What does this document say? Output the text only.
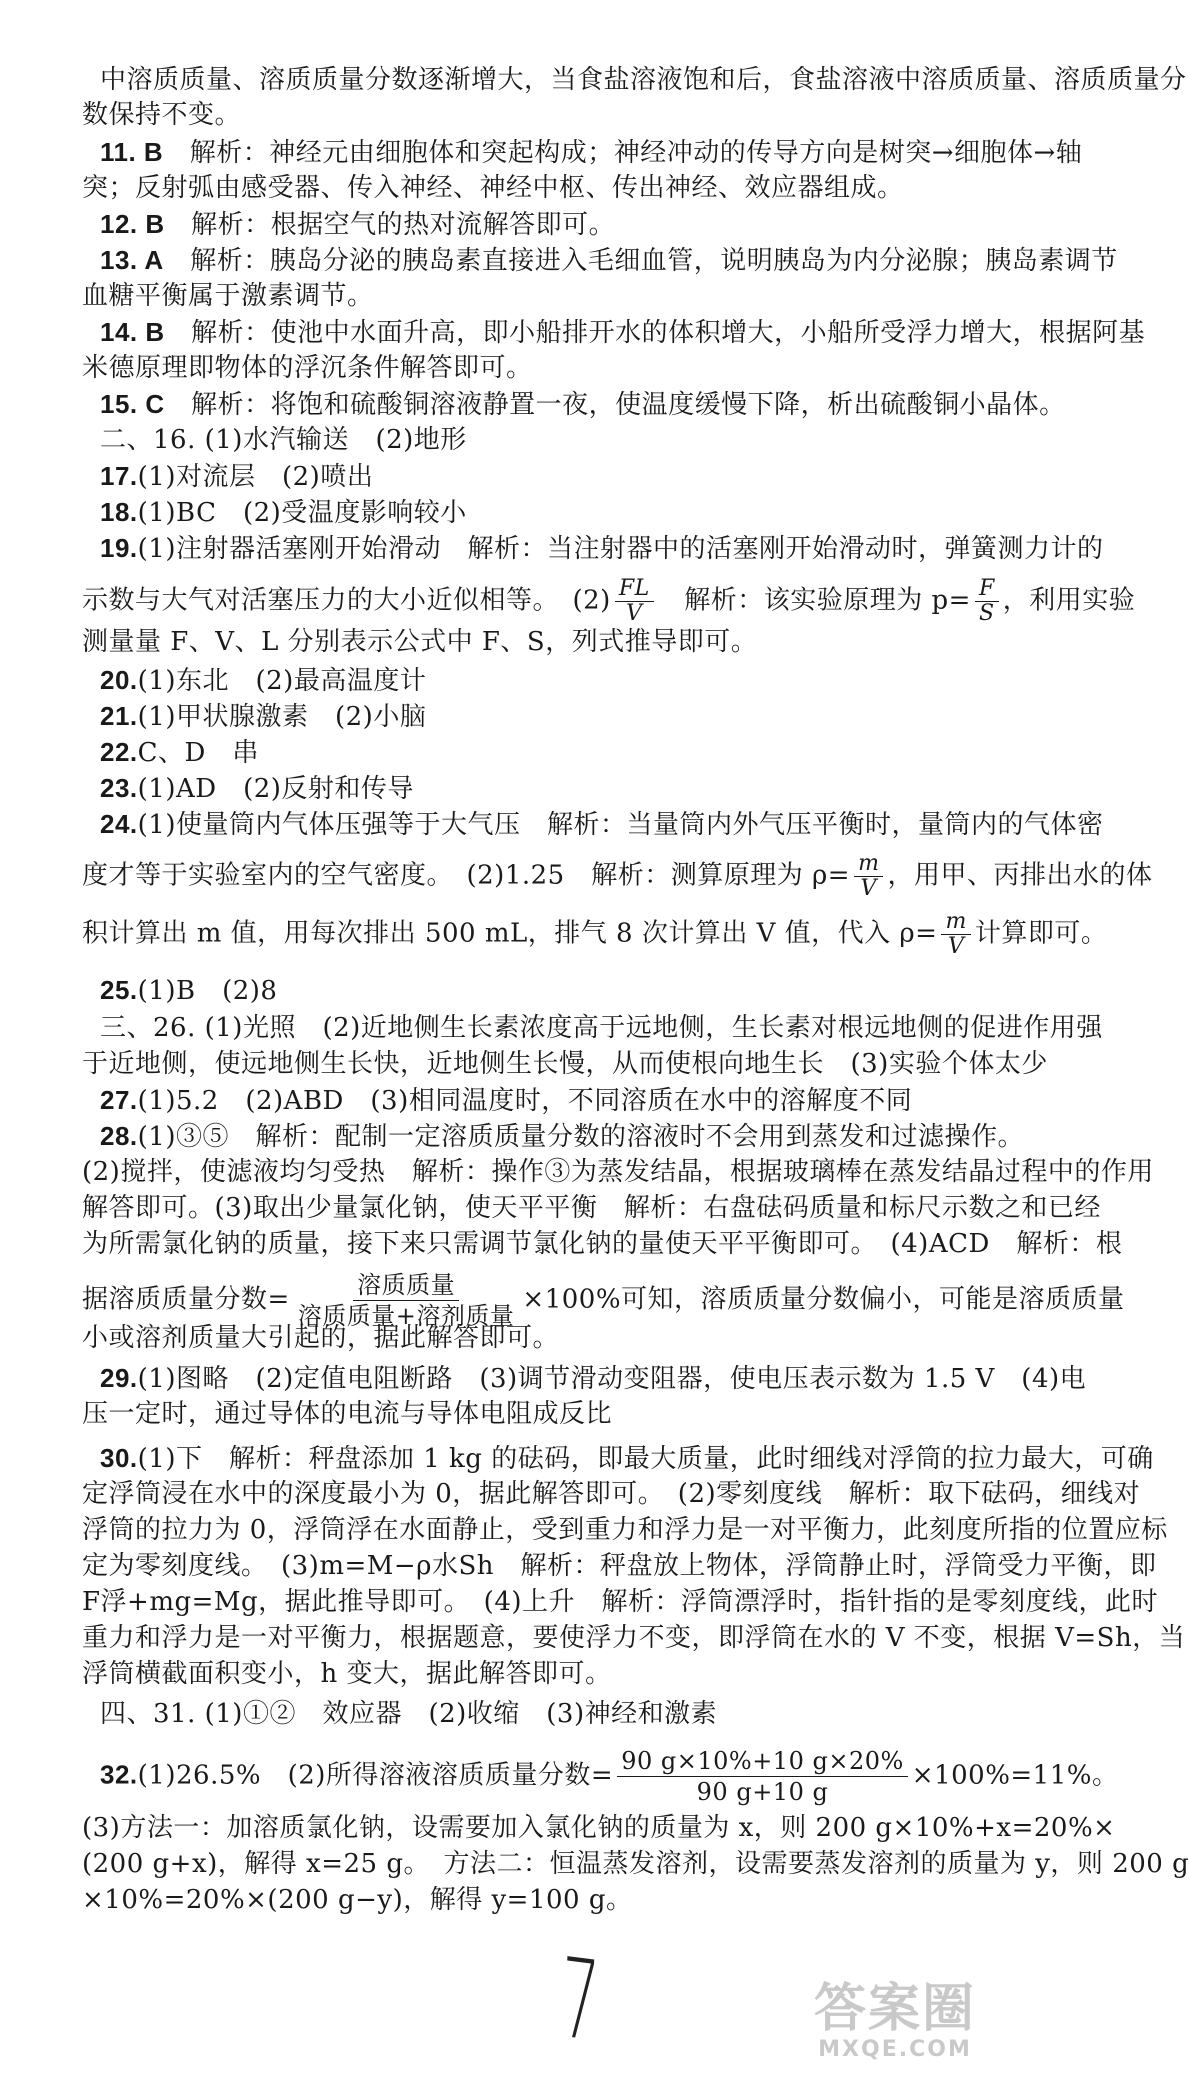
中溶质质量、溶质质量分数逐渐增大，当食盐溶液饱和后，食盐溶液中溶质质量、溶质质量分
数保持不变。
11. B　 解析：神经元由细胞体和突起构成；神经冲动的传导方向是树突→细胞体→轴
突；反射弧由感受器、传入神经、神经中枢、传出神经、效应器组成。
12. B　 解析：根据空气的热对流解答即可。
13. A　 解析：胰岛分泌的胰岛素直接进入毛细血管，说明胰岛为内分泌腺；胰岛素调节
血糖平衡属于激素调节。
14. B　 解析：使池中水面升高，即小船排开水的体积增大，小船所受浮力增大，根据阿基
米德原理即物体的浮沉条件解答即可。
15. C　 解析：将饱和硫酸铜溶液静置一夜，使温度缓慢下降，析出硫酸铜小晶体。
二、16. (1)水汽输送　(2)地形
17.(1)对流层　(2)喷出
18.(1)BC　(2)受温度影响较小
19.(1)注射器活塞刚开始滑动　解析：当注射器中的活塞刚开始滑动时，弹簧测力计的
示数与大气对活塞压力的大小近似相等。　$(2) \frac{FL}{V}$
　 解析：该实验原理为 $p= \frac{F}{S}$ ，利用实验
测量量 F、V、L 分别表示公式中 F、S，列式推导即可。
20.(1)东北　(2)最高温度计
21.(1)甲状腺激素　(2)小脑
22.C、D　串
23.(1)AD　(2)反射和传导
24.(1)使量筒内气体压强等于大气压　解析：当量筒内外气压平衡时，量筒内的气体密
度才等于实验室内的空气密度。　(2)1.25　解析：测算原理为 $\rho= \frac{m}{V}$ ，用甲、丙排出水的体
积计算出 m 值，用每次排出 500 mL，排气 8 次计算出 V 值，代入 $\rho= \frac{m}{V}$ 计算即可。
25.(1)B　(2)8
三、26. (1)光照　(2)近地侧生长素浓度高于远地侧，生长素对根远地侧的促进作用强
于近地侧，使远地侧生长快，近地侧生长慢，从而使根向地生长　(3)实验个体太少
27.(1)5.2　(2)ABD　(3)相同温度时，不同溶质在水中的溶解度不同
28.(1)③⑤　解析：配制一定溶质质量分数的溶液时不会用到蒸发和过滤操作。
(2)搅拌，使滤液均匀受热　解析：操作③为蒸发结晶，根据玻璃棒在蒸发结晶过程中的作用
解答即可。(3)取出少量氯化钠，使天平平衡　解析：右盘砝码质量和标尺示数之和已经
为所需氯化钠的质量，接下来只需调节氯化钠的量使天平平衡即可。　(4)ACD　解析：根
据溶质质量分数= $\frac{\text{溶质质量}}{\text{溶质质量+溶剂质量}} \times 100\%$可知，溶质质量分数偏小，可能是溶质质量
小或溶剂质量大引起的，据此解答即可。
29.(1)图略　(2)定值电阻断路　(3)调节滑动变阻器，使电压表示数为 1.5 V　(4)电
压一定时，通过导体的电流与导体电阻成反比
30.(1)下　解析：秤盘添加 1 kg 的砝码，即最大质量，此时细线对浮筒的拉力最大，可确
定浮筒浸在水中的深度最小为 0，据此解答即可。　(2)零刻度线　解析：取下砝码，细线对
浮筒的拉力为 0，浮筒浮在水面静止，受到重力和浮力是一对平衡力，此刻度所指的位置应标
定为零刻度线。　(3)m=M−ρ水Sh　解析：秤盘放上物体，浮筒静止时，浮筒受力平衡，即
F浮+mg=Mg，据此推导即可。　(4)上升　解析：浮筒漂浮时，指针指的是零刻度线，此时
重力和浮力是一对平衡力，根据题意，要使浮力不变，即浮筒在水的 V 不变，根据 V=Sh，当
浮筒横截面积变小，h 变大，据此解答即可。
四、31. (1)①②　效应器　(2)收缩　(3)神经和激素
32.(1)26.5%　(2)所得溶液溶质质量分数= $\frac{90 g\times 10\%+10 g\times 20\%}{90 g+10 g} \times 100\%=11\%$。
(3)方法一：加溶质氯化钠，设需要加入氯化钠的质量为 x，则 200 g×10%+x=20%×
(200 g+x)，解得 x=25 g。　方法二：恒温蒸发溶剂，设需要蒸发溶剂的质量为 y，则 200 g
×10%=20%×(200 g−y)，解得 y=100 g。
7	答案圈
MXQE.COM
